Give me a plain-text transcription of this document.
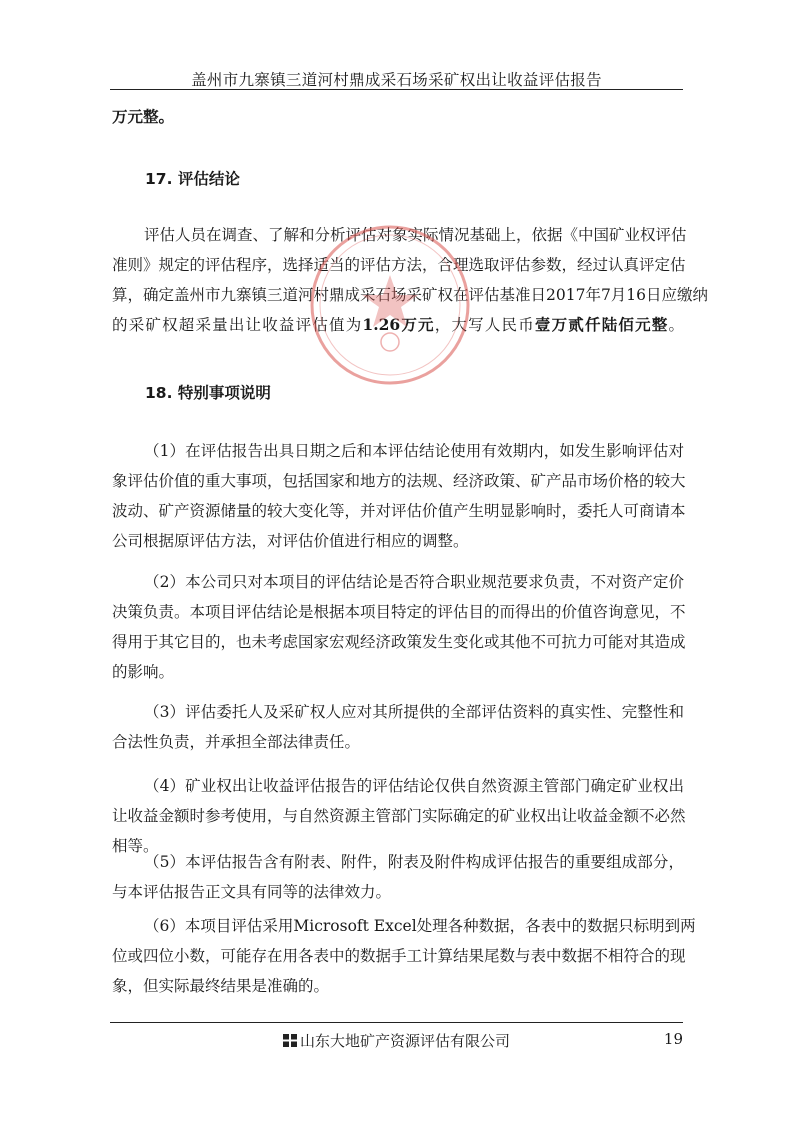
盖州市九寨镇三道河村鼎成采石场采矿权出让收益评估报告

万元整。

17. 评估结论

评估人员在调查、了解和分析评估对象实际情况基础上，依据《中国矿业权评估
准则》规定的评估程序，选择适当的评估方法，合理选取评估参数，经过认真评定估
算，确定盖州市九寨镇三道河村鼎成采石场采矿权在评估基准日2017年7月16日应缴纳
的采矿权超采量出让收益评估值为1.26万元，大写人民币壹万贰仟陆佰元整。

18. 特别事项说明

（1）在评估报告出具日期之后和本评估结论使用有效期内，如发生影响评估对
象评估价值的重大事项，包括国家和地方的法规、经济政策、矿产品市场价格的较大
波动、矿产资源储量的较大变化等，并对评估价值产生明显影响时，委托人可商请本
公司根据原评估方法，对评估价值进行相应的调整。
（2）本公司只对本项目的评估结论是否符合职业规范要求负责，不对资产定价
决策负责。本项目评估结论是根据本项目特定的评估目的而得出的价值咨询意见，不
得用于其它目的，也未考虑国家宏观经济政策发生变化或其他不可抗力可能对其造成
的影响。
（3）评估委托人及采矿权人应对其所提供的全部评估资料的真实性、完整性和
合法性负责，并承担全部法律责任。
（4）矿业权出让收益评估报告的评估结论仅供自然资源主管部门确定矿业权出
让收益金额时参考使用，与自然资源主管部门实际确定的矿业权出让收益金额不必然
相等。
（5）本评估报告含有附表、附件，附表及附件构成评估报告的重要组成部分，
与本评估报告正文具有同等的法律效力。
（6）本项目评估采用Microsoft Excel处理各种数据，各表中的数据只标明到两
位或四位小数，可能存在用各表中的数据手工计算结果尾数与表中数据不相符合的现
象，但实际最终结果是准确的。
山东大地矿产资源评估有限公司	19
